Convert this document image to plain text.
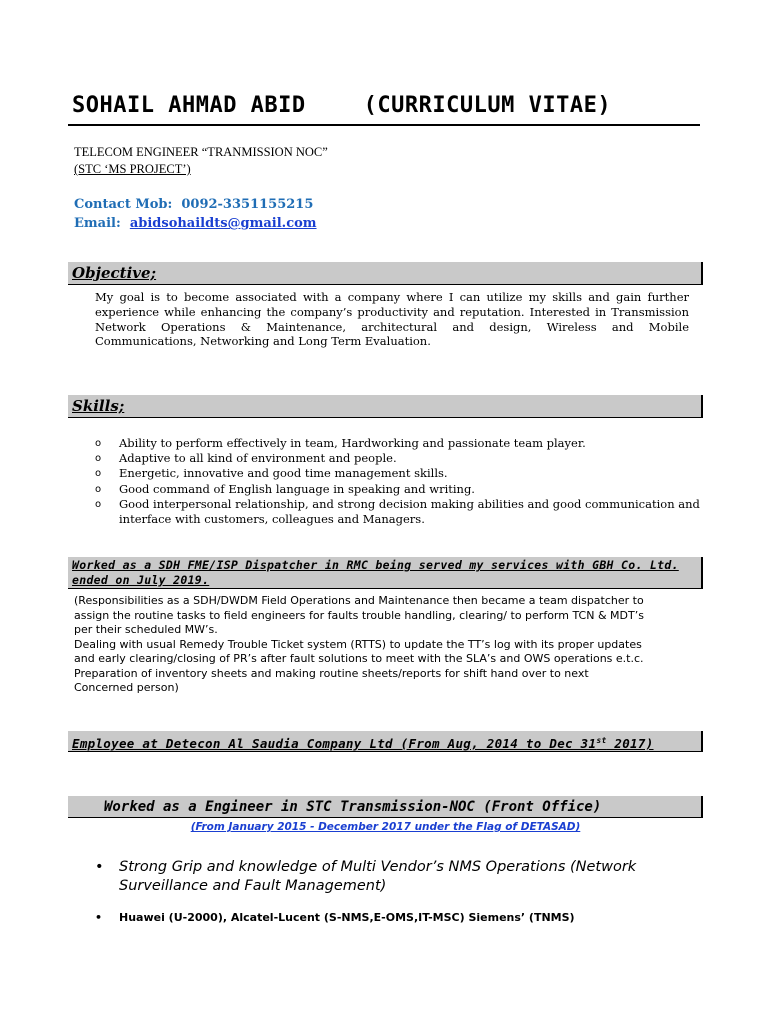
SOHAIL AHMAD ABID	(CURRICULUM VITAE)
TELECOM ENGINEER “TRANMISSION NOC”
(STC ‘MS PROJECT’)
Contact Mob: 0092-3351155215
Email: abidsohaildts@gmail.com
Objective;
My goal is to become associated with a company where I can utilize my skills and gain further experience while enhancing the company’s productivity and reputation. Interested in Transmission Network Operations & Maintenance, architectural and design, Wireless and Mobile Communications, Networking and Long Term Evaluation.
Skills;
o Ability to perform effectively in team, Hardworking and passionate team player.
o Adaptive to all kind of environment and people.
o Energetic, innovative and good time management skills.
o Good command of English language in speaking and writing.
o Good interpersonal relationship, and strong decision making abilities and good communication and interface with customers, colleagues and Managers.
Worked as a SDH FME/ISP Dispatcher in RMC being served my services with GBH Co. Ltd. ended on July 2019.
(Responsibilities as a SDH/DWDM Field Operations and Maintenance then became a team dispatcher to
assign the routine tasks to field engineers for faults trouble handling, clearing/ to perform TCN & MDT’s
per their scheduled MW’s.
Dealing with usual Remedy Trouble Ticket system (RTTS) to update the TT’s log with its proper updates
and early clearing/closing of PR’s after fault solutions to meet with the SLA’s and OWS operations e.t.c.
Preparation of inventory sheets and making routine sheets/reports for shift hand over to next
Concerned person)
Employee at Detecon Al Saudia Company Ltd (From Aug, 2014 to Dec 31st 2017)
Worked as a Engineer in STC Transmission-NOC (Front Office)
(From January 2015 - December 2017 under the Flag of DETASAD)
•	Strong Grip and knowledge of Multi Vendor’s NMS Operations (Network Surveillance and Fault Management)
•	Huawei (U-2000), Alcatel-Lucent (S-NMS,E-OMS,IT-MSC) Siemens’ (TNMS)
